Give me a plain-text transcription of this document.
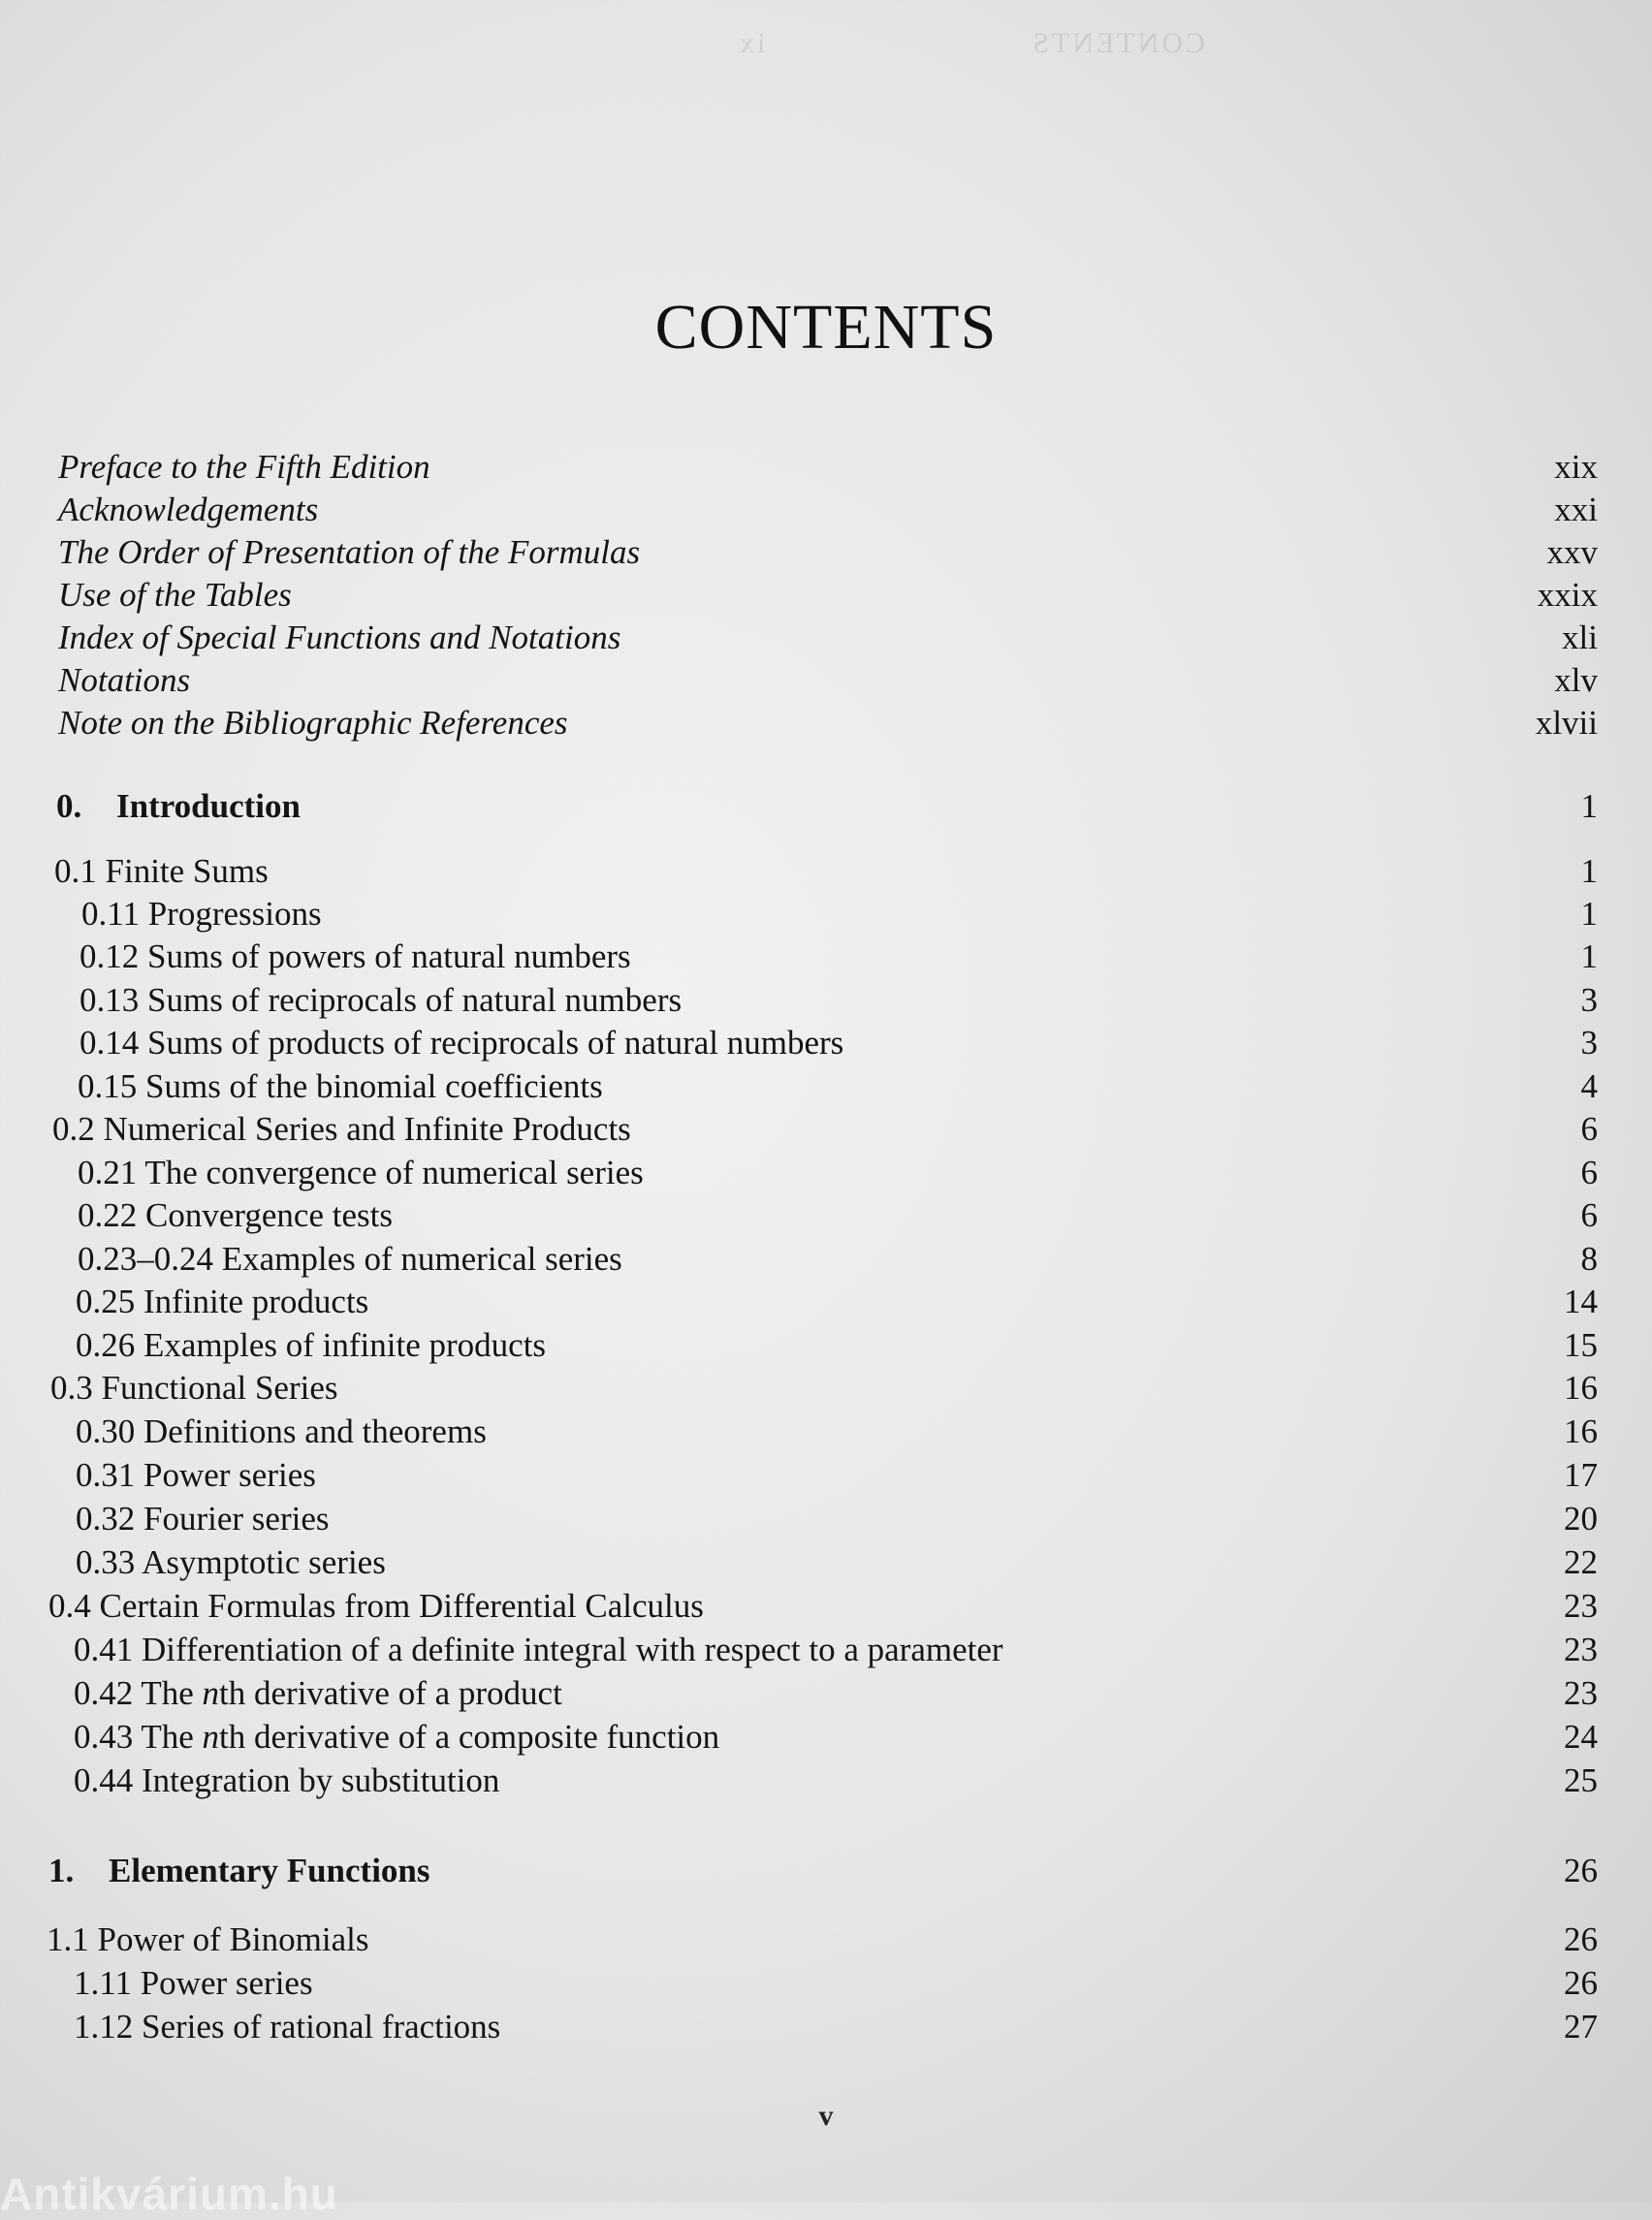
CONTENTS                          ix
CONTENTS
Preface to the Fifth Edition	xix
Acknowledgements	xxi
The Order of Presentation of the Formulas	xxv
Use of the Tables	xxix
Index of Special Functions and Notations	xli
Notations	xlv
Note on the Bibliographic References	xlvii
0. Introduction	1
0.1 Finite Sums	1
0.11 Progressions	1
0.12 Sums of powers of natural numbers	1
0.13 Sums of reciprocals of natural numbers	3
0.14 Sums of products of reciprocals of natural numbers	3
0.15 Sums of the binomial coefficients	4
0.2 Numerical Series and Infinite Products	6
0.21 The convergence of numerical series	6
0.22 Convergence tests	6
0.23–0.24 Examples of numerical series	8
0.25 Infinite products	14
0.26 Examples of infinite products	15
0.3 Functional Series	16
0.30 Definitions and theorems	16
0.31 Power series	17
0.32 Fourier series	20
0.33 Asymptotic series	22
0.4 Certain Formulas from Differential Calculus	23
0.41 Differentiation of a definite integral with respect to a parameter	23
0.42 The nth derivative of a product	23
0.43 The nth derivative of a composite function	24
0.44 Integration by substitution	25
1. Elementary Functions	26
1.1 Power of Binomials	26
1.11 Power series	26
1.12 Series of rational fractions	27
v
Antikvárium.hu
